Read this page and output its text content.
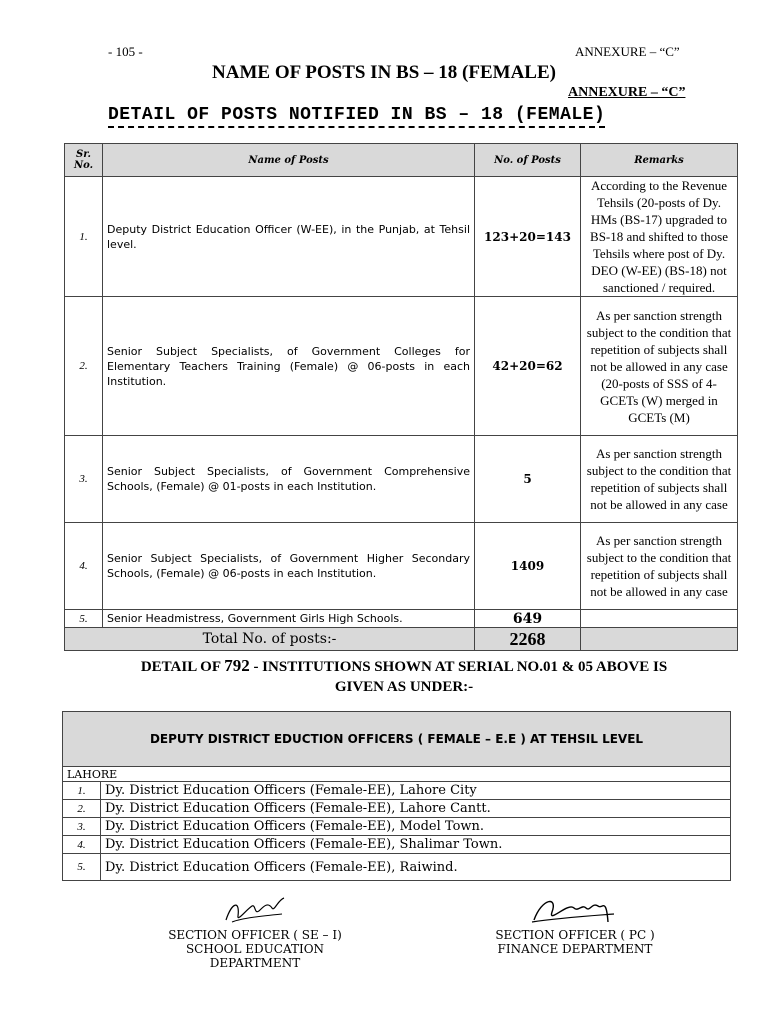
- 105 -	ANNEXURE – “C”
NAME OF POSTS IN BS – 18 (FEMALE)
ANNEXURE – “C”
DETAIL OF POSTS NOTIFIED IN BS – 18 (FEMALE)
Sr. No.	Name of Posts	No. of Posts	Remarks
1.	Deputy District Education Officer (W-EE), in the Punjab, at Tehsil level.	123+20=143	According to the Revenue Tehsils (20-posts of Dy. HMs (BS-17) upgraded to BS-18 and shifted to those Tehsils where post of Dy. DEO (W-EE) (BS-18) not sanctioned / required.
2.	Senior Subject Specialists, of Government Colleges for Elementary Teachers Training (Female) @ 06-posts in each Institution.	42+20=62	As per sanction strength subject to the condition that repetition of subjects shall not be allowed in any case
(20-posts of SSS of 4-GCETs (W) merged in GCETs (M)
3.	Senior Subject Specialists, of Government Comprehensive Schools, (Female) @ 01-posts in each Institution.	5	As per sanction strength subject to the condition that repetition of subjects shall not be allowed in any case
4.	Senior Subject Specialists, of Government Higher Secondary Schools, (Female) @ 06-posts in each Institution.	1409	As per sanction strength subject to the condition that repetition of subjects shall not be allowed in any case
5.	Senior Headmistress, Government Girls High Schools.	649	
Total No. of posts:-		2268	
DETAIL OF 792 - INSTITUTIONS SHOWN AT SERIAL NO.01 & 05 ABOVE IS
GIVEN AS UNDER:-
DEPUTY DISTRICT EDUCTION OFFICERS ( FEMALE – E.E ) AT TEHSIL LEVEL	
LAHORE	
1.	Dy. District Education Officers (Female-EE), Lahore City
2.	Dy. District Education Officers (Female-EE), Lahore Cantt.
3.	Dy. District Education Officers (Female-EE), Model Town.
4.	Dy. District Education Officers (Female-EE), Shalimar Town.
5.	Dy. District Education Officers (Female-EE), Raiwind.
SECTION OFFICER ( SE – I)
SCHOOL EDUCATION DEPARTMENT
SECTION OFFICER ( PC )
FINANCE DEPARTMENT
